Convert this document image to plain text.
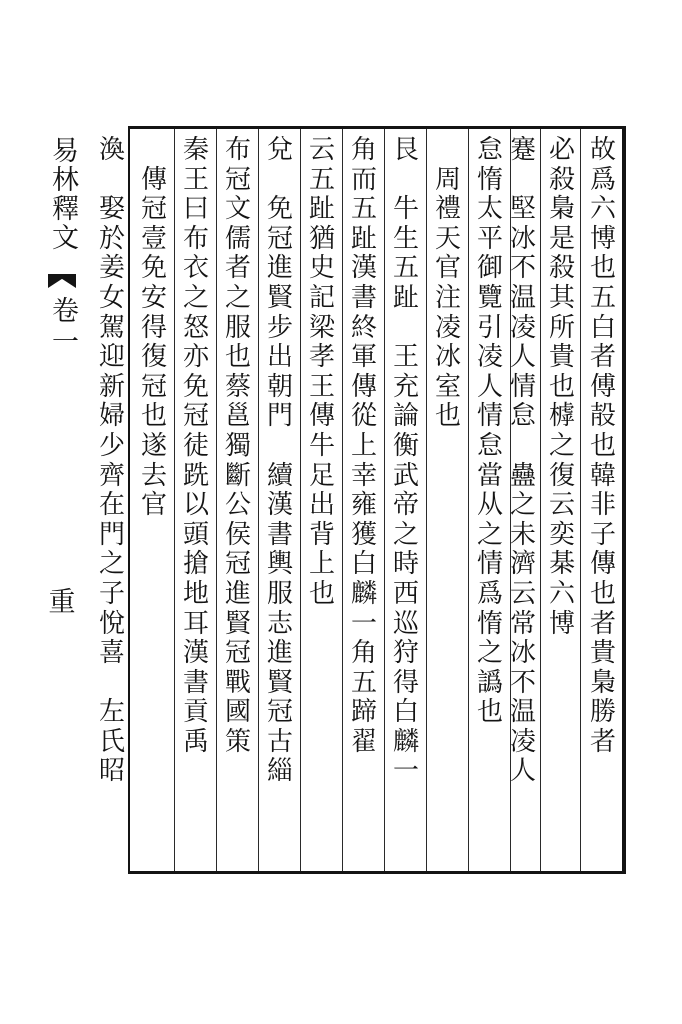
易林釋文
卷一
重
故
爲
六
博
也
五
白
者
傅
㱿
也
韓
非
子
傳
也
者
貴
梟
勝
者
必
殺
梟
是
殺
其
所
貴
也
㯉
之
復
云
奕
棊
六
博
蹇

堅
冰
不
温
凌
人
情
怠

蠱
之
未
濟
云
常
冰
不
温
凌
人
怠
惰
太
平
御
覽
引
凌
人
情
怠
當
从
之
情
爲
惰
之
譌
也
周
禮
天
官
注
凌
冰
室
也
艮

牛
生
五
趾

王
充
論
衡
武
帝
之
時
西
巡
狩
得
白
麟
一
角
而
五
趾
漢
書
終
軍
傳
從
上
幸
雍
獲
白
麟
一
角
五
蹄
翟
云
五
趾
猶
史
記
梁
孝
王
傳
牛
足
出
背
上
也
兌

免
冠
進
賢
步
出
朝
門

續
漢
書
輿
服
志
進
賢
冠
古
緇
布
冠
文
儒
者
之
服
也
蔡
邕
獨
斷
公
侯
冠
進
賢
冠
戰
國
策
秦
王
曰
布
衣
之
怒
亦
免
冠
徒
跣
以
頭
搶
地
耳
漢
書
貢
禹
傳
冠
壹
免
安
得
復
冠
也
遂
去
官
渙

娶
於
姜
女
駕
迎
新
婦
少
齊
在
門
之
子
悅
喜

左
氏
昭
